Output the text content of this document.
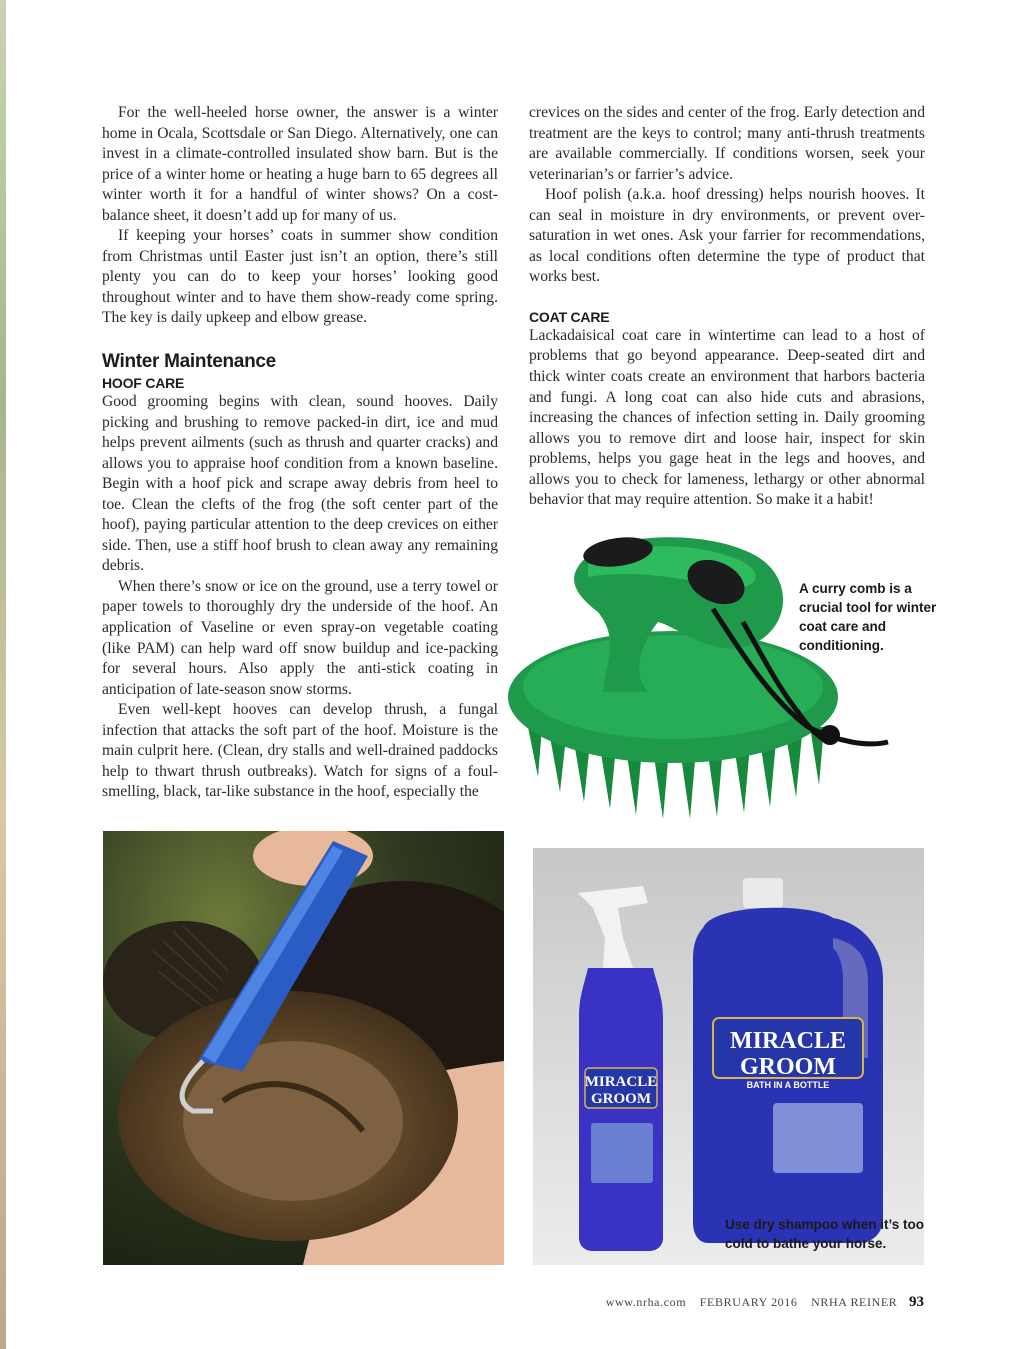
For the well-heeled horse owner, the answer is a winter home in Ocala, Scottsdale or San Diego. Alternatively, one can invest in a climate-controlled insulated show barn. But is the price of a winter home or heating a huge barn to 65 degrees all winter worth it for a handful of winter shows? On a cost-balance sheet, it doesn’t add up for many of us.

If keeping your horses’ coats in summer show condition from Christmas until Easter just isn’t an option, there’s still plenty you can do to keep your horses’ looking good throughout winter and to have them show-ready come spring. The key is daily upkeep and elbow grease.

Winter Maintenance
HOOF CARE

Good grooming begins with clean, sound hooves. Daily picking and brushing to remove packed-in dirt, ice and mud helps prevent ailments (such as thrush and quarter cracks) and allows you to appraise hoof condition from a known baseline. Begin with a hoof pick and scrape away debris from heel to toe. Clean the clefts of the frog (the soft center part of the hoof), paying particular attention to the deep crevices on either side. Then, use a stiff hoof brush to clean away any remaining debris.

When there’s snow or ice on the ground, use a terry towel or paper towels to thoroughly dry the underside of the hoof. An application of Vaseline or even spray-on vegetable coating (like PAM) can help ward off snow buildup and ice-packing for several hours. Also apply the anti-stick coating in anticipation of late-season snow storms.

Even well-kept hooves can develop thrush, a fungal infection that attacks the soft part of the hoof. Moisture is the main culprit here. (Clean, dry stalls and well-drained paddocks help to thwart thrush outbreaks). Watch for signs of a foul-smelling, black, tar-like substance in the hoof, especially the

crevices on the sides and center of the frog. Early detection and treatment are the keys to control; many anti-thrush treatments are available commercially. If conditions worsen, seek your veterinarian’s or farrier’s advice.

Hoof polish (a.k.a. hoof dressing) helps nourish hooves. It can seal in moisture in dry environments, or prevent over-saturation in wet ones. Ask your farrier for recommendations, as local conditions often determine the type of product that works best.

COAT CARE

Lackadaisical coat care in wintertime can lead to a host of problems that go beyond appearance. Deep-seated dirt and thick winter coats create an environment that harbors bacteria and fungi. A long coat can also hide cuts and abrasions, increasing the chances of infection setting in. Daily grooming allows you to remove dirt and loose hair, inspect for skin problems, helps you gage heat in the legs and hooves, and allows you to check for lameness, lethargy or other abnormal behavior that may require attention. So make it a habit!

A curry comb is a crucial tool for winter coat care and conditioning.
MIRACLE
GROOM
BATH IN A BOTTLE
MIRACLE
GROOM
Use dry shampoo when it’s too cold to bathe your horse.
www.nrha.com FEBRUARY 2016 NRHA REINER 93
